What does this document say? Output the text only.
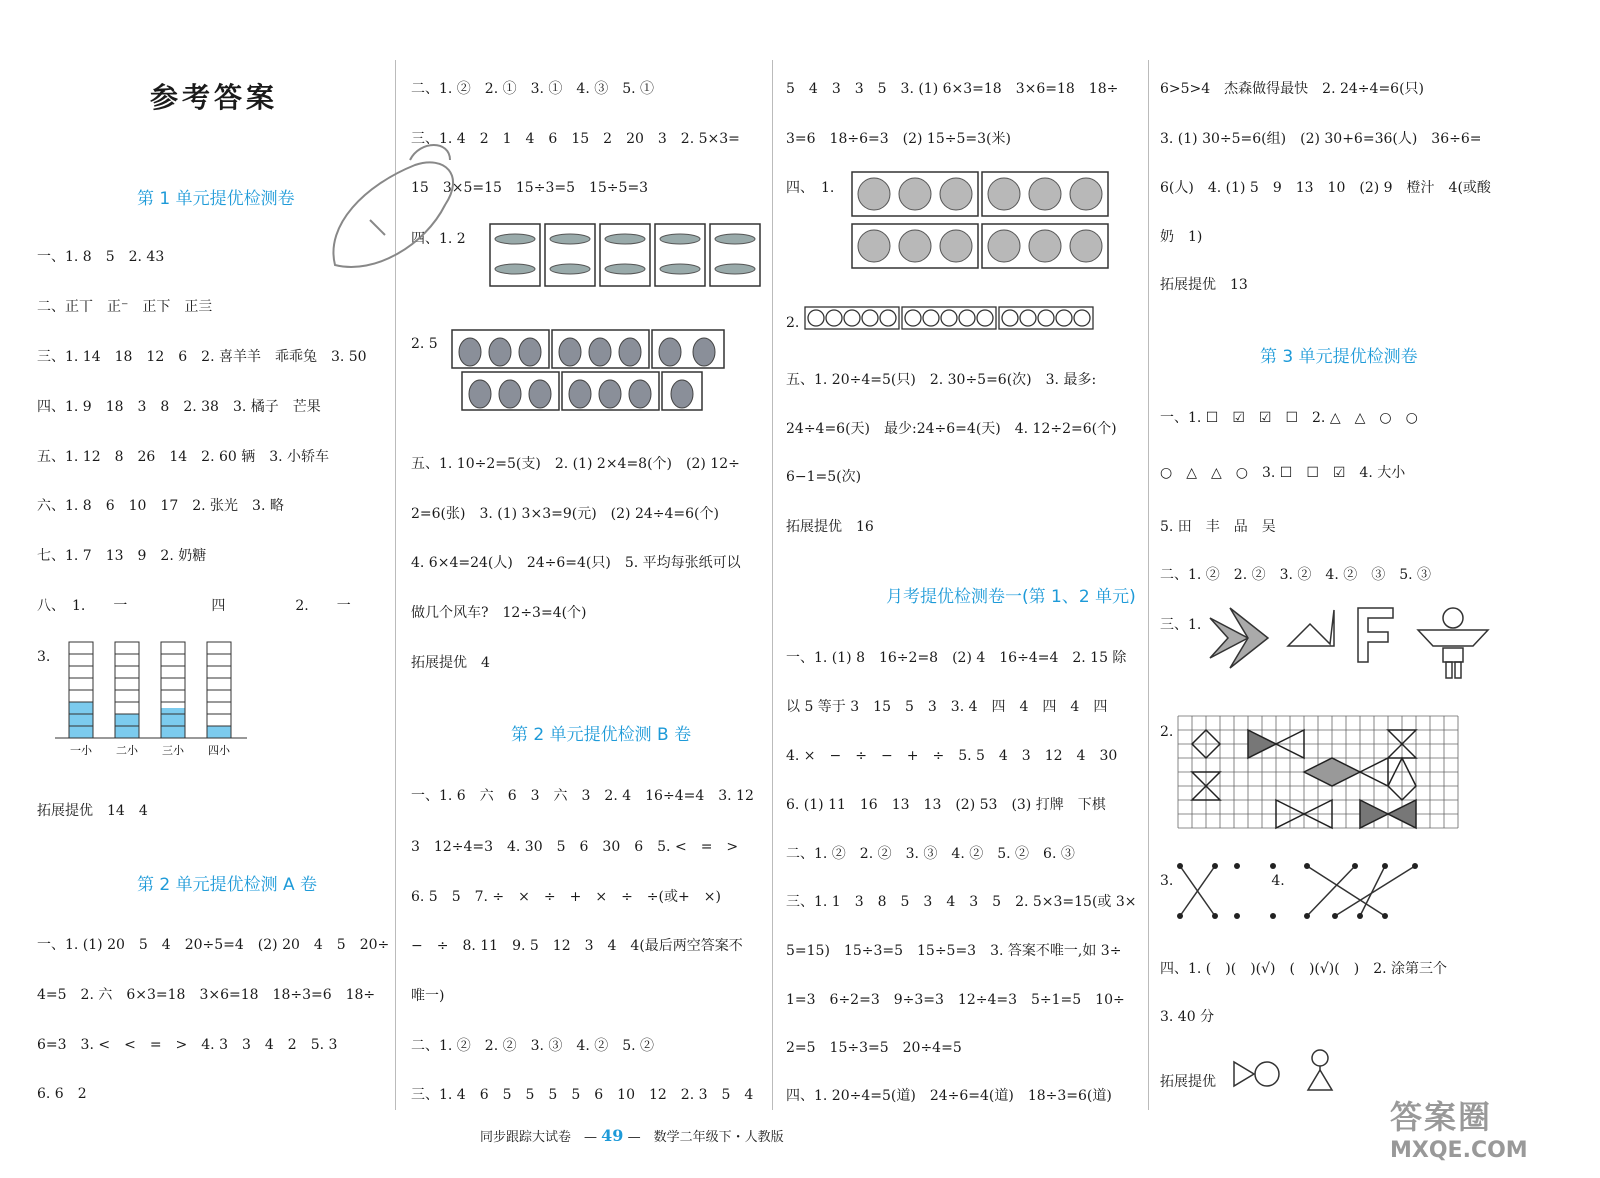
参考答案
第 1 单元提优检测卷
一、1. 8　5　2. 43
二、正丅　正⁻　正下　正亖
三、1. 14　18　12　6　2. 喜羊羊　乖乖兔　3. 50
四、1. 9　18　3　8　2. 38　3. 橘子　芒果
五、1. 12　8　26　14　2. 60 辆　3. 小轿车
六、1. 8　6　10　17　2. 张光　3. 略
七、1. 7　13　9　2. 奶糖
八、　1.　　一　　　　　　四　　　　　2.　　一
3.
拓展提优　14　4
第 2 单元提优检测 A 卷
一、1. (1) 20　5　4　20÷5=4　(2) 20　4　5　20÷
4=5　2. 六　6×3=18　3×6=18　18÷3=6　18÷
6=3　3. <　<　=　>　4. 3　3　4　2　5. 3
6. 6　2
二、1. ②　2. ①　3. ①　4. ③　5. ①
三、1. 4　2　1　4　6　15　2　20　3　2. 5×3=
15　3×5=15　15÷3=5　15÷5=3
四、1. 2
2. 5
五、1. 10÷2=5(支)　2. (1) 2×4=8(个)　(2) 12÷
2=6(张)　3. (1) 3×3=9(元)　(2) 24÷4=6(个)
4. 6×4=24(人)　24÷6=4(只)　5. 平均每张纸可以
做几个风车?　12÷3=4(个)
拓展提优　4
第 2 单元提优检测 B 卷
一、1. 6　六　6　3　六　3　2. 4　16÷4=4　3. 12
3　12÷4=3　4. 30　5　6　30　6　5. <　=　>
6. 5　5　7. ÷　×　÷　+　×　÷　÷(或+　×)
−　÷　8. 11　9. 5　12　3　4　4(最后两空答案不
唯一)
二、1. ②　2. ②　3. ③　4. ②　5. ②
三、1. 4　6　5　5　5　5　6　10　12　2. 3　5　4
5　4　3　3　5　3. (1) 6×3=18　3×6=18　18÷
3=6　18÷6=3　(2) 15÷5=3(米)
四、　1.
2.
五、1. 20÷4=5(只)　2. 30÷5=6(次)　3. 最多:
24÷4=6(天)　最少:24÷6=4(天)　4. 12÷2=6(个)
6−1=5(次)
拓展提优　16
月考提优检测卷一(第 1、2 单元)
一、1. (1) 8　16÷2=8　(2) 4　16÷4=4　2. 15 除
以 5 等于 3　15　5　3　3. 4　四　4　四　4　四
4. ×　−　÷　−　+　÷　5. 5　4　3　12　4　30
6. (1) 11　16　13　13　(2) 53　(3) 打牌　下棋
二、1. ②　2. ②　3. ③　4. ②　5. ②　6. ③
三、1. 1　3　8　5　3　4　3　5　2. 5×3=15(或 3×
5=15)　15÷3=5　15÷5=3　3. 答案不唯一,如 3÷
1=3　6÷2=3　9÷3=3　12÷4=3　5÷1=5　10÷
2=5　15÷3=5　20÷4=5
四、1. 20÷4=5(道)　24÷6=4(道)　18÷3=6(道)
6>5>4　杰森做得最快　2. 24÷4=6(只)
3. (1) 30÷5=6(组)　(2) 30+6=36(人)　36÷6=
6(人)　4. (1) 5　9　13　10　(2) 9　橙汁　4(或酸
奶　1)
拓展提优　13
第 3 单元提优检测卷
一、1. ☐　☑　☑　☐　2. △　△　○　○
○　△　△　○　3. ☐　☐　☑　4. 大小
5. 田　丰　品　吴
二、1. ②　2. ②　3. ②　4. ②　③　5. ③
三、1.
2.
3.　　　　　　　4.
四、1. (　)(　)(√)　(　)(√)(　)　2. 涂第三个
3. 40 分
拓展提优
一小 二小 三小 四小
同步跟踪大试卷　— 49 —　数学二年级下・人教版
答案圈
MXQE.COM
